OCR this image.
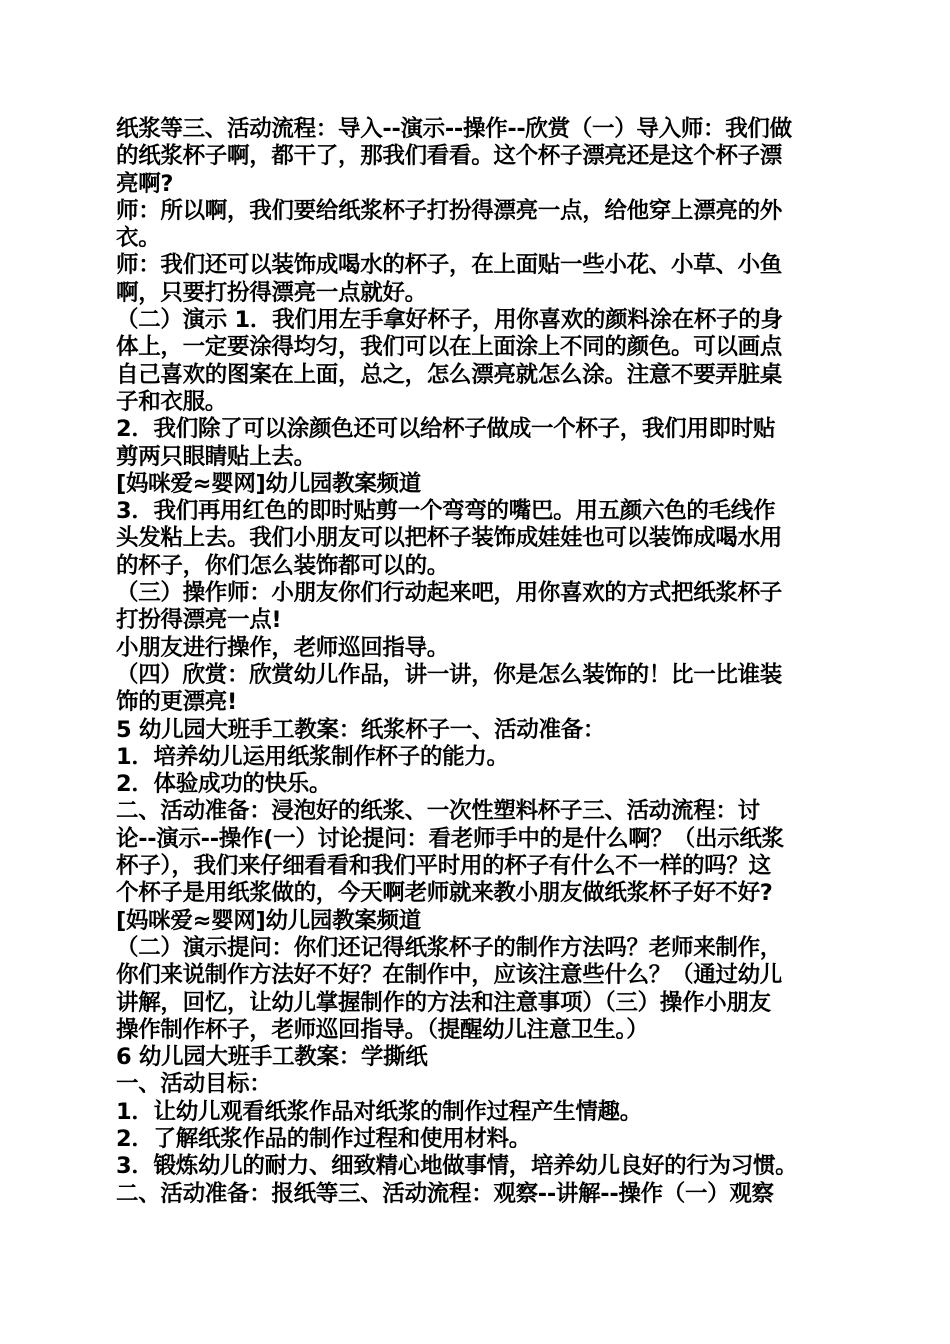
纸浆等三、活动流程：导入--演示--操作--欣赏（一）导入师：我们做
的纸浆杯子啊，都干了，那我们看看。这个杯子漂亮还是这个杯子漂
亮啊?
师：所以啊，我们要给纸浆杯子打扮得漂亮一点，给他穿上漂亮的外
衣。
师：我们还可以装饰成喝水的杯子，在上面贴一些小花、小草、小鱼
啊，只要打扮得漂亮一点就好。
（二）演示 1．我们用左手拿好杯子，用你喜欢的颜料涂在杯子的身
体上，一定要涂得均匀，我们可以在上面涂上不同的颜色。可以画点
自己喜欢的图案在上面，总之，怎么漂亮就怎么涂。注意不要弄脏桌
子和衣服。
2．我们除了可以涂颜色还可以给杯子做成一个杯子，我们用即时贴
剪两只眼睛贴上去。
[妈咪爱≈婴网]幼儿园教案频道
3．我们再用红色的即时贴剪一个弯弯的嘴巴。用五颜六色的毛线作
头发粘上去。我们小朋友可以把杯子装饰成娃娃也可以装饰成喝水用
的杯子，你们怎么装饰都可以的。
（三）操作师：小朋友你们行动起来吧，用你喜欢的方式把纸浆杯子
打扮得漂亮一点!
小朋友进行操作，老师巡回指导。
（四）欣赏：欣赏幼儿作品，讲一讲，你是怎么装饰的！比一比谁装
饰的更漂亮!
5 幼儿园大班手工教案：纸浆杯子一、活动准备：
1．培养幼儿运用纸浆制作杯子的能力。
2．体验成功的快乐。
二、活动准备：浸泡好的纸浆、一次性塑料杯子三、活动流程：讨
论--演示--操作(一）讨论提问：看老师手中的是什么啊？（出示纸浆
杯子），我们来仔细看看和我们平时用的杯子有什么不一样的吗？这
个杯子是用纸浆做的，今天啊老师就来教小朋友做纸浆杯子好不好?
[妈咪爱≈婴网]幼儿园教案频道
（二）演示提问：你们还记得纸浆杯子的制作方法吗？老师来制作，
你们来说制作方法好不好？在制作中，应该注意些什么？（通过幼儿
讲解，回忆，让幼儿掌握制作的方法和注意事项）（三）操作小朋友
操作制作杯子，老师巡回指导。（提醒幼儿注意卫生。）
6 幼儿园大班手工教案：学撕纸
一、活动目标：
1．让幼儿观看纸浆作品对纸浆的制作过程产生情趣。
2．了解纸浆作品的制作过程和使用材料。
3．锻炼幼儿的耐力、细致精心地做事情，培养幼儿良好的行为习惯。
二、活动准备：报纸等三、活动流程：观察--讲解--操作（一）观察
